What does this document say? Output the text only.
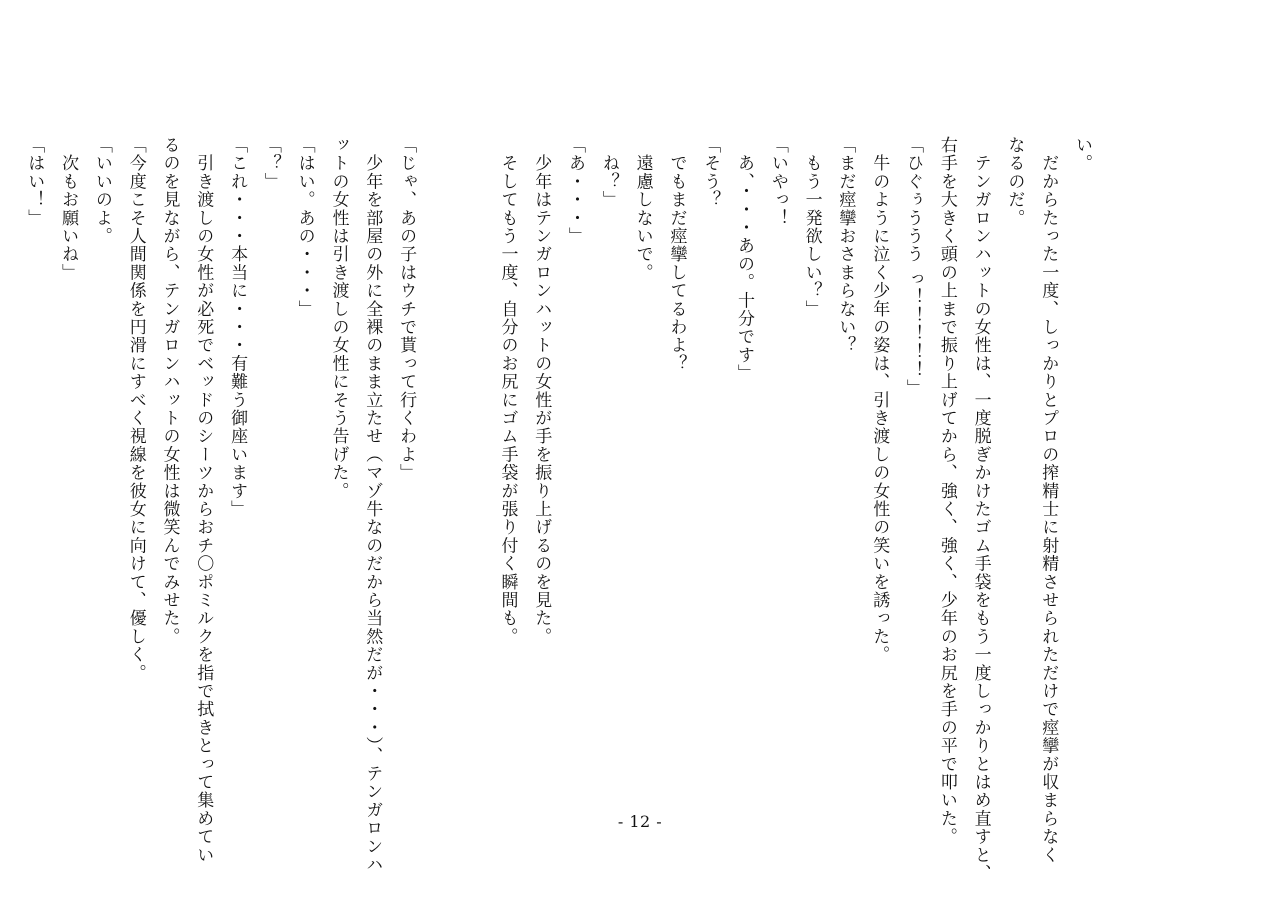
い。
　だからたった一度、しっかりとプロの搾精士に射精させられただけで痙攣が収まらなく
なるのだ。
　テンガロンハットの女性は、一度脱ぎかけたゴム手袋をもう一度しっかりとはめ直すと、
右手を大きく頭の上まで振り上げてから、強く、強く、少年のお尻を手の平で叩いた。
「ひぐぅううう っ！！！！！」
　牛のように泣く少年の姿は、引き渡しの女性の笑いを誘った。
「まだ痙攣おさまらない？
　もう一発欲しい？」
「いやっ！
　あ、・・・あの。十分です」
「そう？
　でもまだ痙攣してるわよ？
　遠慮しないで。
　ね？」
「あ・・・」
　少年はテンガロンハットの女性が手を振り上げるのを見た。
　そしてもう一度、自分のお尻にゴム手袋が張り付く瞬間も。

「じゃ、あの子はウチで貰って行くわよ」
　少年を部屋の外に全裸のまま立たせ（マゾ牛なのだから当然だが・・・）、テンガロンハ
ットの女性は引き渡しの女性にそう告げた。
「はい。あの・・・」
「？」
「これ・・・本当に・・・有難う御座います」
　引き渡しの女性が必死でベッドのシーツからおチ〇ポミルクを指で拭きとって集めてい
るのを見ながら、テンガロンハットの女性は微笑んでみせた。
「今度こそ人間関係を円滑にすべく視線を彼女に向けて、優しく。
「いいのよ。
　次もお願いね」
「はい！」

- 12 -
